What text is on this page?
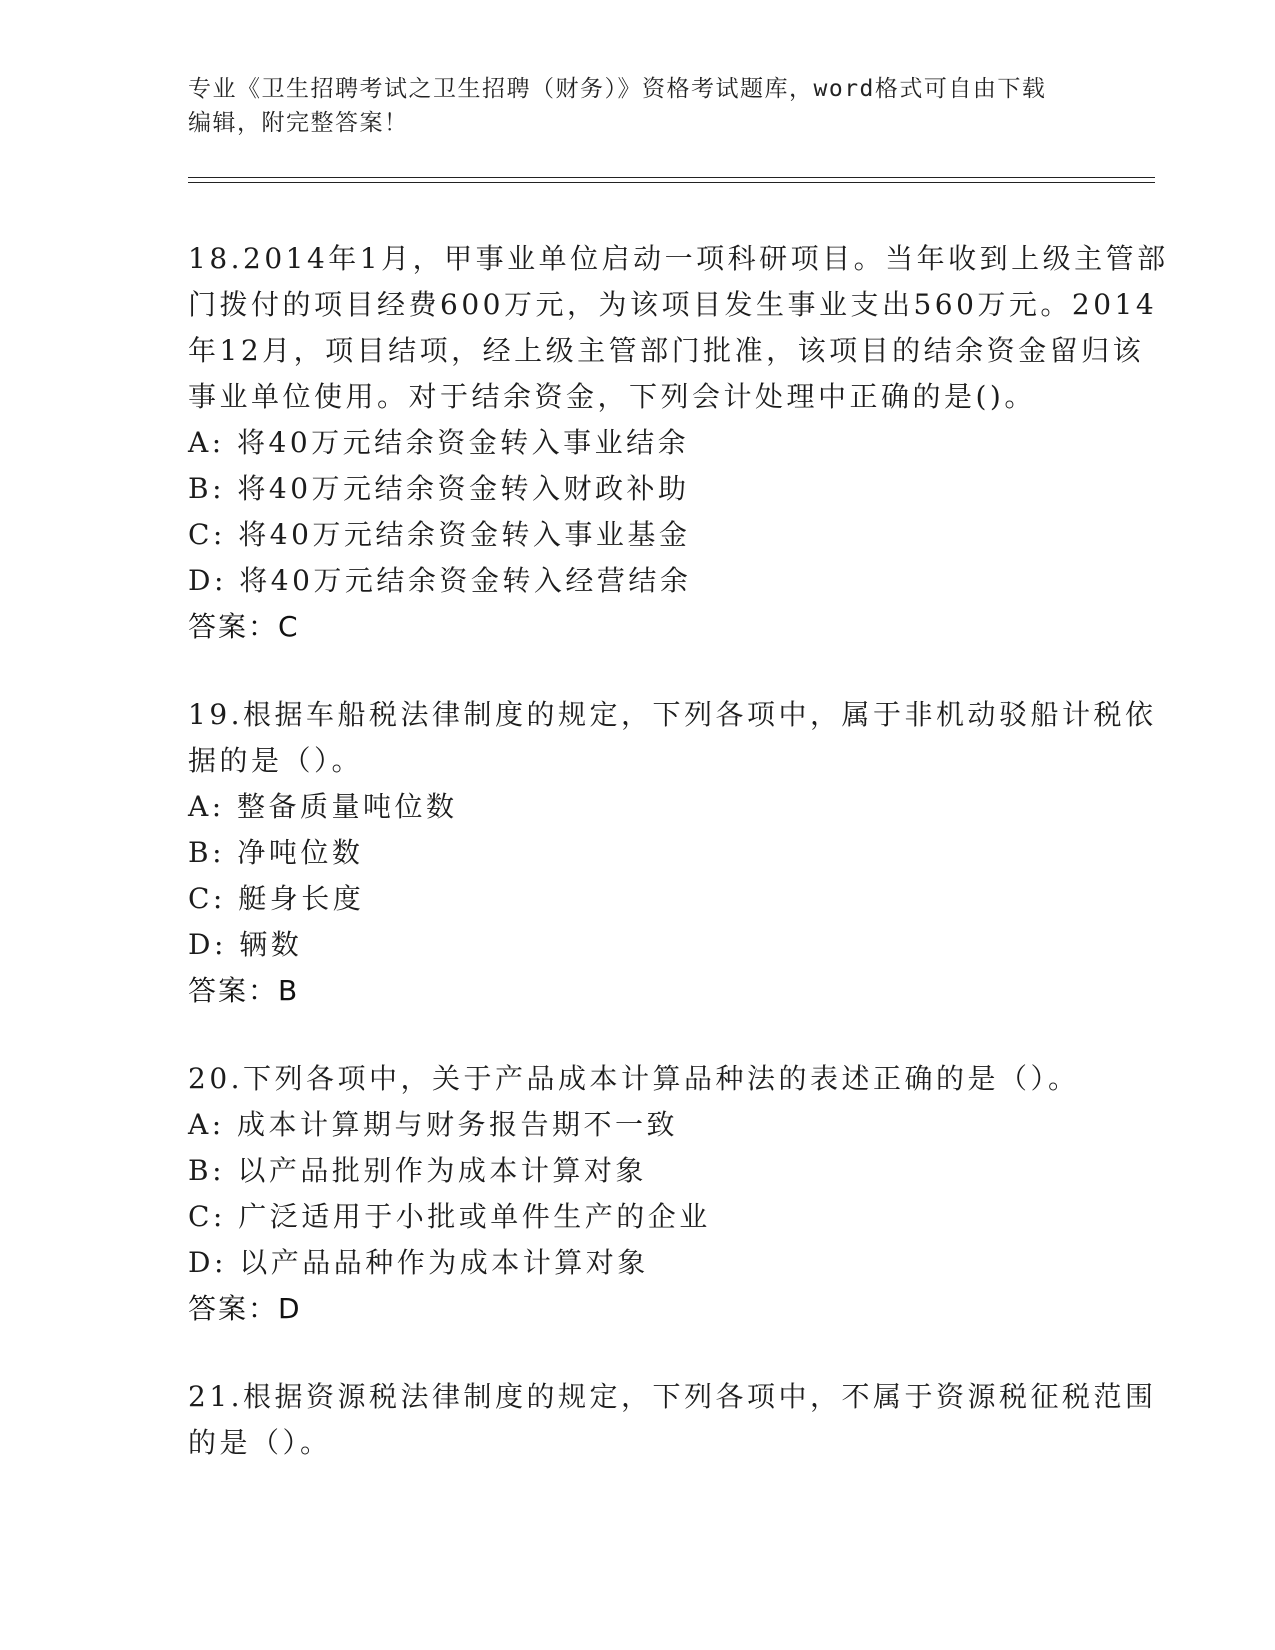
专业《卫生招聘考试之卫生招聘（财务）》资格考试题库，word格式可自由下载
编辑，附完整答案！
18.2014年1月，甲事业单位启动一项科研项目。当年收到上级主管部
门拨付的项目经费600万元，为该项目发生事业支出560万元。2014
年12月，项目结项，经上级主管部门批准，该项目的结余资金留归该
事业单位使用。对于结余资金，下列会计处理中正确的是()。
A: 将40万元结余资金转入事业结余
B: 将40万元结余资金转入财政补助
C: 将40万元结余资金转入事业基金
D: 将40万元结余资金转入经营结余
答案：C
19.根据车船税法律制度的规定，下列各项中，属于非机动驳船计税依
据的是（）。
A: 整备质量吨位数
B: 净吨位数
C: 艇身长度
D: 辆数
答案：B
20.下列各项中，关于产品成本计算品种法的表述正确的是（）。
A: 成本计算期与财务报告期不一致
B: 以产品批别作为成本计算对象
C: 广泛适用于小批或单件生产的企业
D: 以产品品种作为成本计算对象
答案：D
21.根据资源税法律制度的规定，下列各项中，不属于资源税征税范围
的是（）。
